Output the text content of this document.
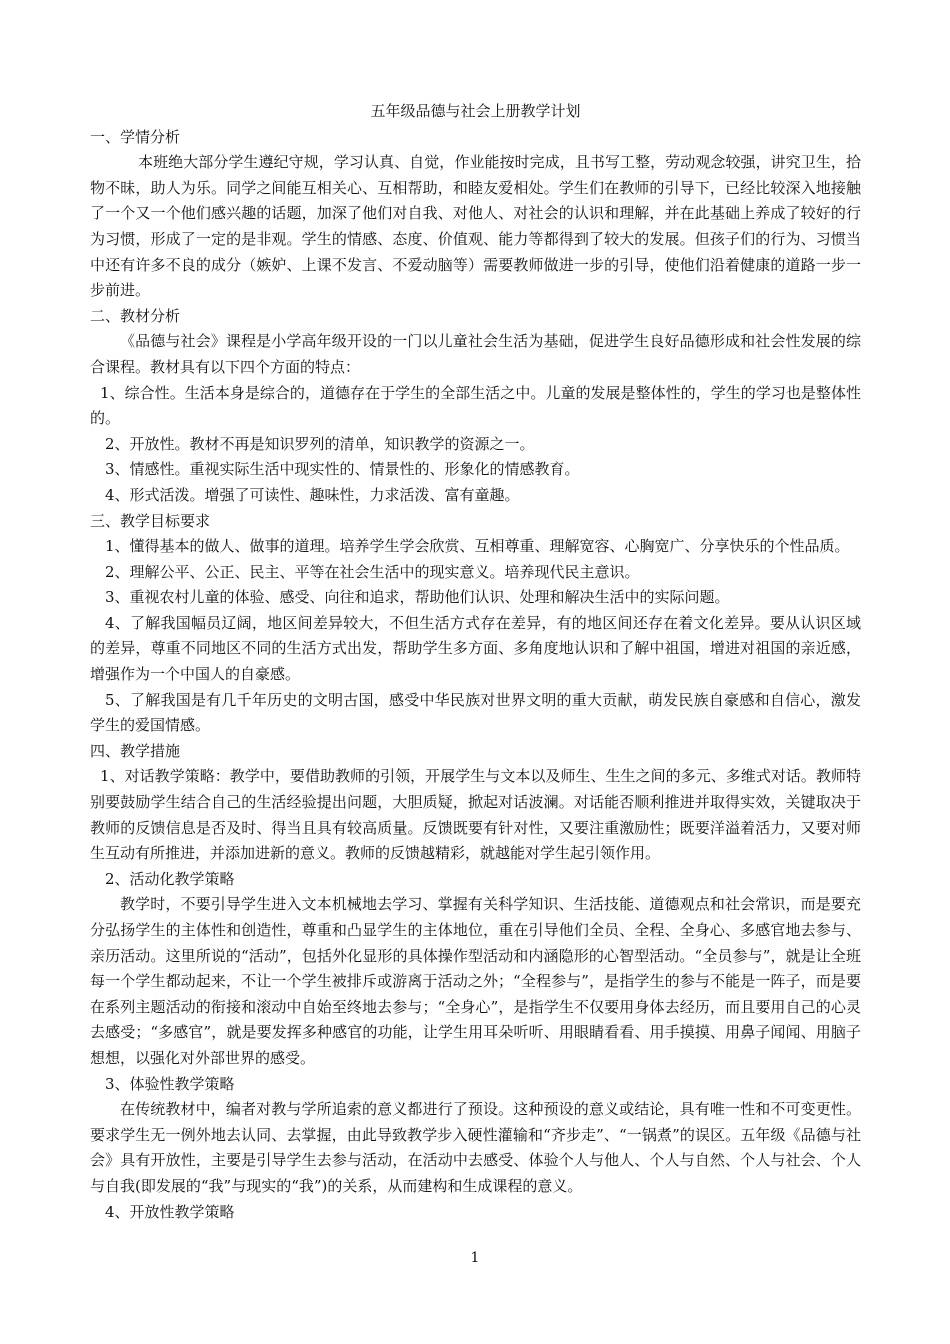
五年级品德与社会上册教学计划

一、学情分析

本班绝大部分学生遵纪守规，学习认真、自觉，作业能按时完成，且书写工整，劳动观念较强，讲究卫生，拾物不昧，助人为乐。同学之间能互相关心、互相帮助，和睦友爱相处。学生们在教师的引导下，已经比较深入地接触了一个又一个他们感兴趣的话题，加深了他们对自我、对他人、对社会的认识和理解，并在此基础上养成了较好的行为习惯，形成了一定的是非观。学生的情感、态度、价值观、能力等都得到了较大的发展。但孩子们的行为、习惯当中还有许多不良的成分（嫉妒、上课不发言、不爱动脑等）需要教师做进一步的引导，使他们沿着健康的道路一步一步前进。

二、教材分析

《品德与社会》课程是小学高年级开设的一门以儿童社会生活为基础，促进学生良好品德形成和社会性发展的综合课程。教材具有以下四个方面的特点：

1、综合性。生活本身是综合的，道德存在于学生的全部生活之中。儿童的发展是整体性的，学生的学习也是整体性的。

2、开放性。教材不再是知识罗列的清单，知识教学的资源之一。

3、情感性。重视实际生活中现实性的、情景性的、形象化的情感教育。

4、形式活泼。增强了可读性、趣味性，力求活泼、富有童趣。

三、教学目标要求

1、懂得基本的做人、做事的道理。培养学生学会欣赏、互相尊重、理解宽容、心胸宽广、分享快乐的个性品质。

2、理解公平、公正、民主、平等在社会生活中的现实意义。培养现代民主意识。

3、重视农村儿童的体验、感受、向往和追求，帮助他们认识、处理和解决生活中的实际问题。

4、了解我国幅员辽阔，地区间差异较大，不但生活方式存在差异，有的地区间还存在着文化差异。要从认识区域的差异，尊重不同地区不同的生活方式出发，帮助学生多方面、多角度地认识和了解中祖国，增进对祖国的亲近感，增强作为一个中国人的自豪感。

5、了解我国是有几千年历史的文明古国，感受中华民族对世界文明的重大贡献，萌发民族自豪感和自信心，激发学生的爱国情感。

四、教学措施

1、对话教学策略：教学中，要借助教师的引领，开展学生与文本以及师生、生生之间的多元、多维式对话。教师特别要鼓励学生结合自己的生活经验提出问题，大胆质疑，掀起对话波澜。对话能否顺利推进并取得实效，关键取决于教师的反馈信息是否及时、得当且具有较高质量。反馈既要有针对性，又要注重激励性；既要洋溢着活力，又要对师生互动有所推进，并添加进新的意义。教师的反馈越精彩，就越能对学生起引领作用。

2、活动化教学策略

教学时，不要引导学生进入文本机械地去学习、掌握有关科学知识、生活技能、道德观点和社会常识，而是要充分弘扬学生的主体性和创造性，尊重和凸显学生的主体地位，重在引导他们全员、全程、全身心、多感官地去参与、亲历活动。这里所说的“活动”，包括外化显形的具体操作型活动和内涵隐形的心智型活动。“全员参与”，就是让全班每一个学生都动起来，不让一个学生被排斥或游离于活动之外；“全程参与”，是指学生的参与不能是一阵子，而是要在系列主题活动的衔接和滚动中自始至终地去参与；“全身心”，是指学生不仅要用身体去经历，而且要用自己的心灵去感受；“多感官”，就是要发挥多种感官的功能，让学生用耳朵听听、用眼睛看看、用手摸摸、用鼻子闻闻、用脑子想想，以强化对外部世界的感受。

3、体验性教学策略

在传统教材中，编者对教与学所追索的意义都进行了预设。这种预设的意义或结论，具有唯一性和不可变更性。要求学生无一例外地去认同、去掌握，由此导致教学步入硬性灌输和“齐步走”、“一锅煮”的误区。五年级《品德与社会》具有开放性，主要是引导学生去参与活动，在活动中去感受、体验个人与他人、个人与自然、个人与社会、个人与自我(即发展的“我”与现实的“我”)的关系，从而建构和生成课程的意义。

4、开放性教学策略

1
